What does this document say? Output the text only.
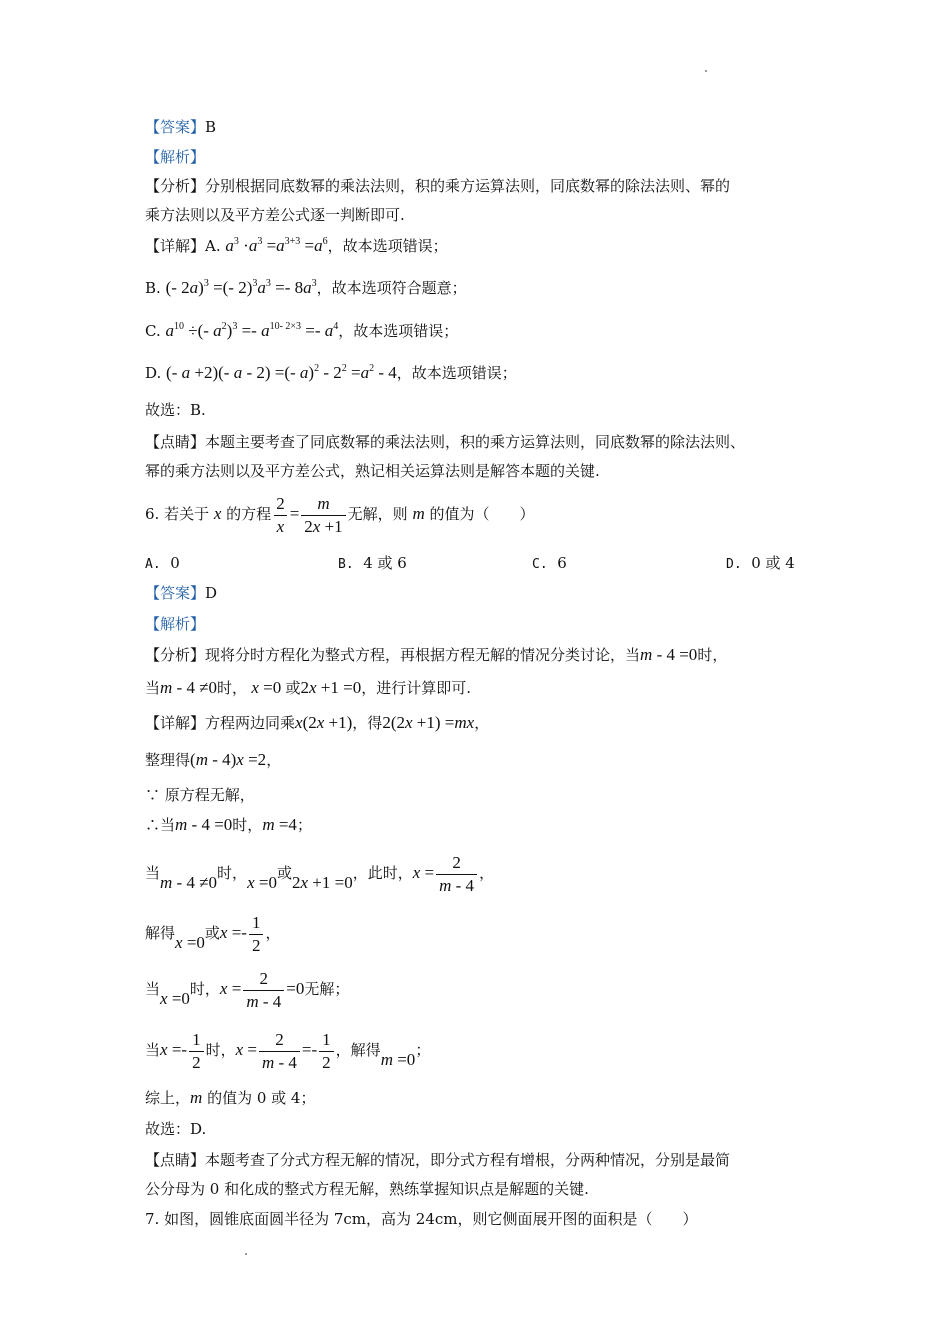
【答案】B
【解析】
【分析】分别根据同底数幂的乘法法则，积的乘方运算法则，同底数幂的除法法则、幂的
乘方法则以及平方差公式逐一判断即可.
【详解】A. $a^3 \cdot a^3 =a^{3+3} =a^6$，故本选项错误；
B. (- 2a)$^3$ =(- $2)^3a^3 =- 8a^3$，故本选项符合题意；
C. $a^{10}$ ÷(- $a^2)^3 =- a^{10- 2\times 3} =- a^4$，故本选项错误；
D. (- a +2)(- a - 2) =(- $a)^2 - 2^2 =a^2 - 4$，故本选项错误；
故选：B.
【点睛】本题主要考查了同底数幂的乘法法则，积的乘方运算法则，同底数幂的除法法则、
幂的乘方法则以及平方差公式，熟记相关运算法则是解答本题的关键.
6. 若关于 x 的方程 $\frac{2}{x} = \frac{m}{2x +1}$ 无解，则 m 的值为（　　）
A. 0	B. 4 或 6	C. 6	D. 0 或 4
【答案】D
【解析】
【分析】现将分时方程化为整式方程，再根据方程无解的情况分类讨论，当m - 4 =0时，
当m - 4 ≠0时， x =0 或2x +1 =0，进行计算即可.
【详解】方程两边同乘x(2x +1)，得2(2x +1) =mx，
整理得(m - 4)x =2，
∵ 原方程无解，
∴当m - 4 =0时，m =4；
当m - 4 ≠0时，x =0或2x +1 =0，此时，$x = \frac{2}{m - 4}$ ，
解得x =0或$x =- \frac{1}{2}$ ，
当x =0时，$x = \frac{2}{m - 4} =0$无解；
当$x =- \frac{1}{2}$ 时，$x = \frac{2}{m - 4} =- \frac{1}{2}$ ，解得m =0；
综上，m 的值为 0 或 4；
故选：D.
【点睛】本题考查了分式方程无解的情况，即分式方程有增根，分两种情况，分别是最简
公分母为 0 和化成的整式方程无解，熟练掌握知识点是解题的关键.
7. 如图，圆锥底面圆半径为 7cm，高为 24cm，则它侧面展开图的面积是（　　）
